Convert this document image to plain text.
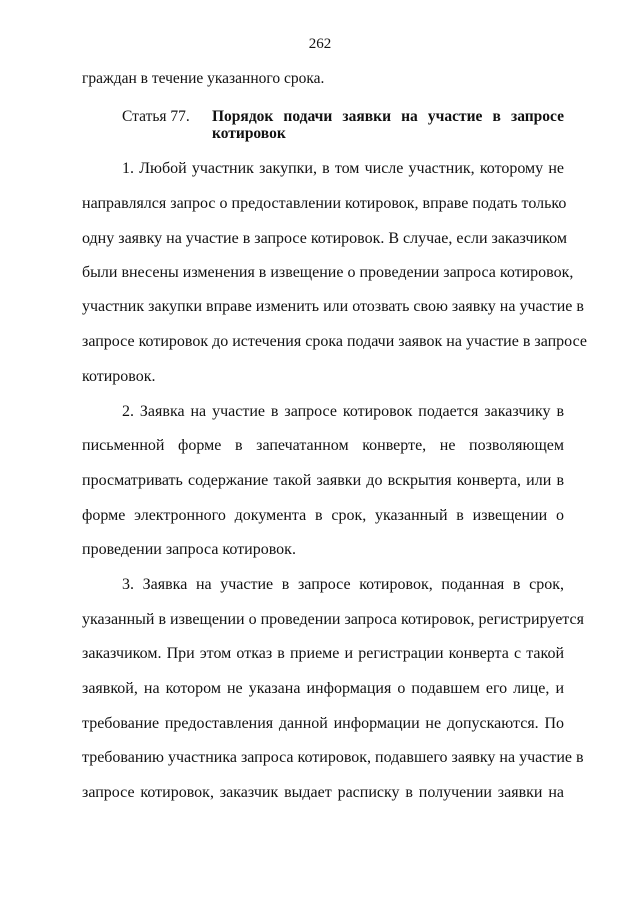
262
граждан в течение указанного срока.
Статья 77.	Порядок подачи заявки на участие в запросе
котировок
1. Любой участник закупки, в том числе участник, которому не
направлялся запрос о предоставлении котировок, вправе подать только
одну заявку на участие в запросе котировок. В случае, если заказчиком
были внесены изменения в извещение о проведении запроса котировок,
участник закупки вправе изменить или отозвать свою заявку на участие в
запросе котировок до истечения срока подачи заявок на участие в запросе
котировок.
2. Заявка на участие в запросе котировок подается заказчику в
письменной форме в запечатанном конверте, не позволяющем
просматривать содержание такой заявки до вскрытия конверта, или в
форме электронного документа в срок, указанный в извещении о
проведении запроса котировок.
3. Заявка на участие в запросе котировок, поданная в срок,
указанный в извещении о проведении запроса котировок, регистрируется
заказчиком. При этом отказ в приеме и регистрации конверта с такой
заявкой, на котором не указана информация о подавшем его лице, и
требование предоставления данной информации не допускаются. По
требованию участника запроса котировок, подавшего заявку на участие в
запросе котировок, заказчик выдает расписку в получении заявки на
